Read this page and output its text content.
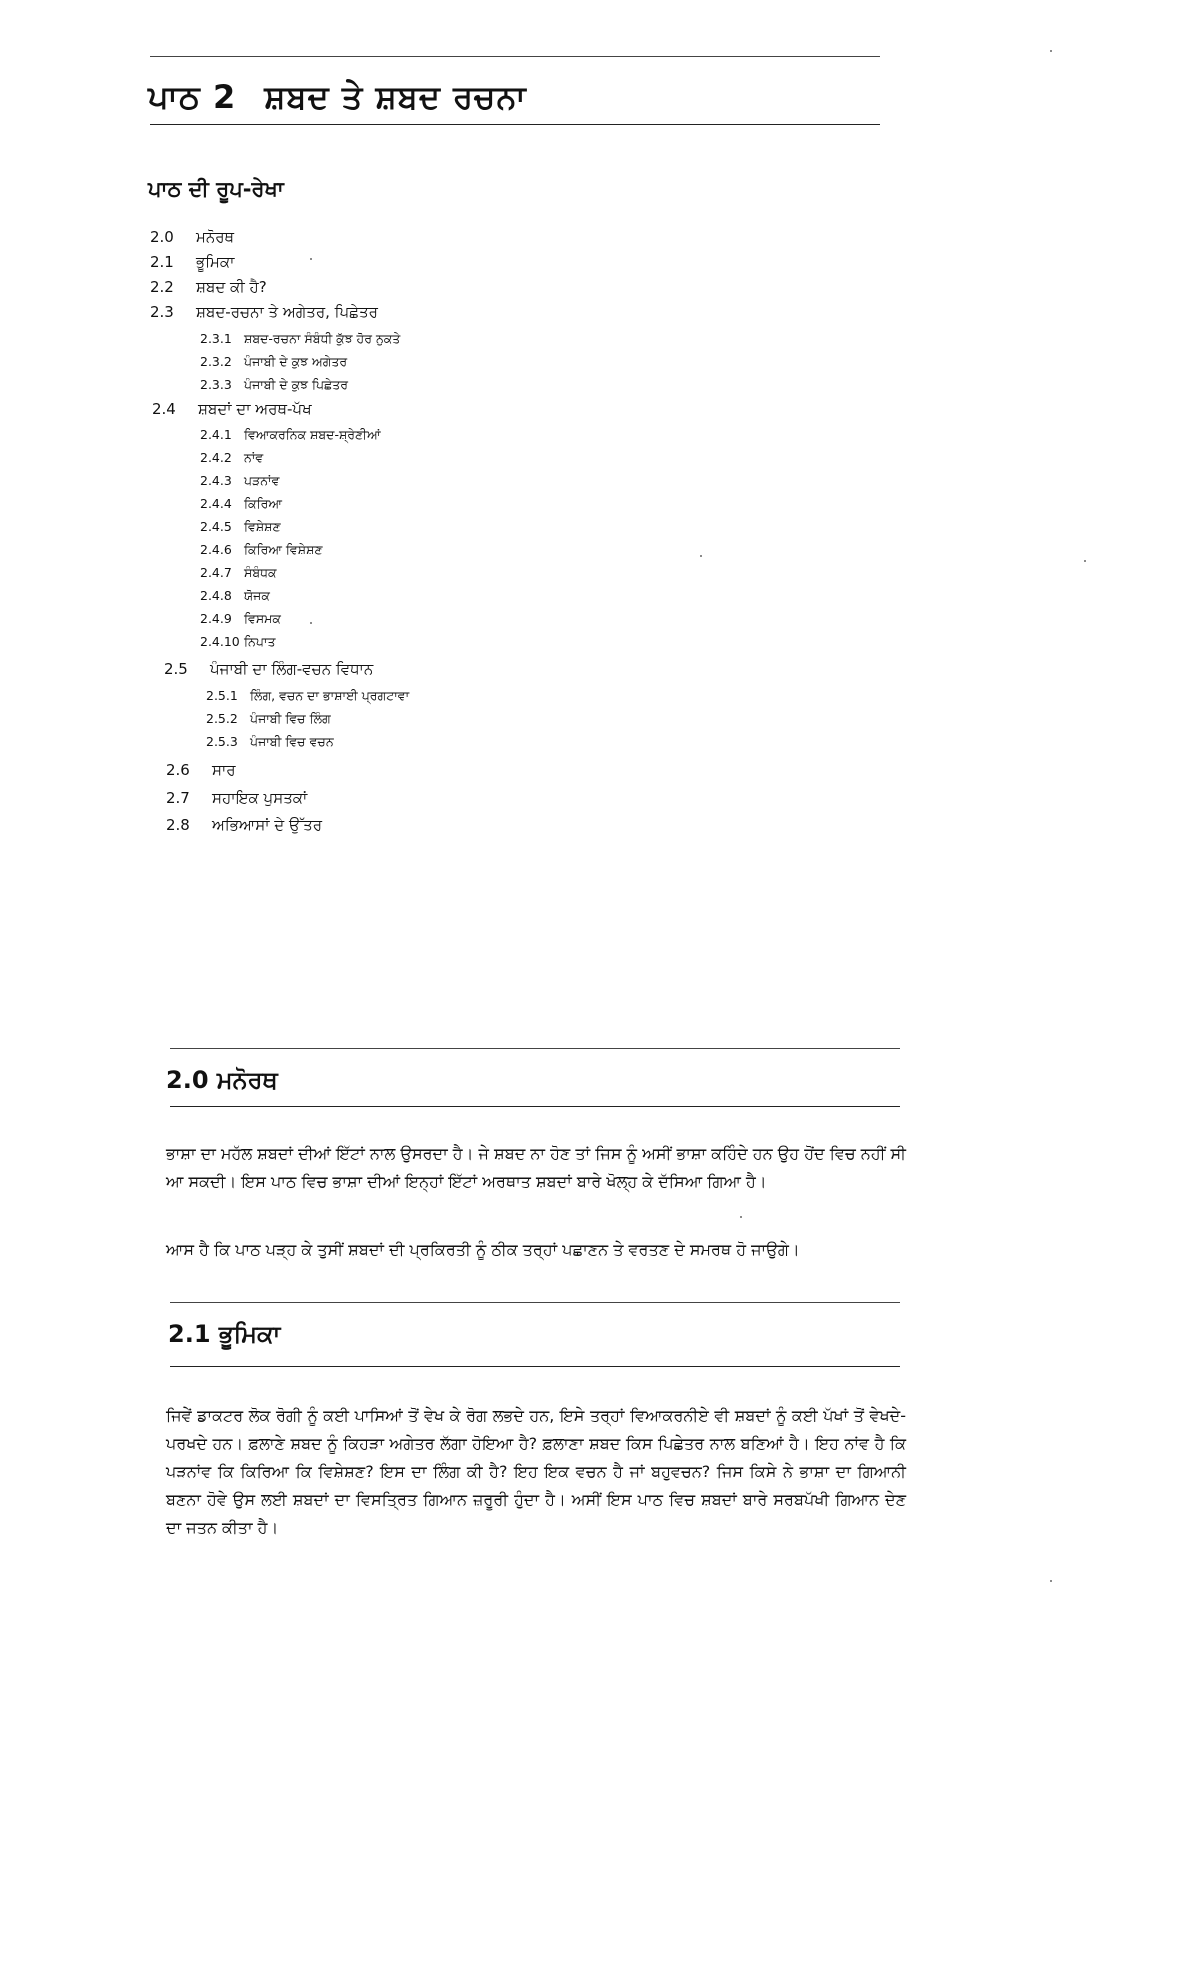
ਪਾਠ 2 ਸ਼ਬਦ ਤੇ ਸ਼ਬਦ ਰਚਨਾ
ਪਾਠ ਦੀ ਰੂਪ-ਰੇਖਾ
2.0 ਮਨੋਰਥ
2.1 ਭੂਮਿਕਾ
2.2 ਸ਼ਬਦ ਕੀ ਹੈ?
2.3 ਸ਼ਬਦ-ਰਚਨਾ ਤੇ ਅਗੇਤਰ, ਪਿਛੇਤਰ
2.3.1 ਸ਼ਬਦ-ਰਚਨਾ ਸੰਬੰਧੀ ਕੁੱਝ ਹੋਰ ਨੁਕਤੇ
2.3.2 ਪੰਜਾਬੀ ਦੇ ਕੁਝ ਅਗੇਤਰ
2.3.3 ਪੰਜਾਬੀ ਦੇ ਕੁਝ ਪਿਛੇਤਰ
2.4 ਸ਼ਬਦਾਂ ਦਾ ਅਰਥ-ਪੱਖ
2.4.1 ਵਿਆਕਰਨਿਕ ਸ਼ਬਦ-ਸ਼੍ਰੇਣੀਆਂ
2.4.2 ਨਾਂਵ
2.4.3 ਪੜਨਾਂਵ
2.4.4 ਕਿਰਿਆ
2.4.5 ਵਿਸ਼ੇਸ਼ਣ
2.4.6 ਕਿਰਿਆ ਵਿਸ਼ੇਸ਼ਣ
2.4.7 ਸੰਬੰਧਕ
2.4.8 ਯੋਜਕ
2.4.9 ਵਿਸਮਕ
2.4.10 ਨਿਪਾਤ
2.5 ਪੰਜਾਬੀ ਦਾ ਲਿੰਗ-ਵਚਨ ਵਿਧਾਨ
2.5.1 ਲਿੰਗ, ਵਚਨ ਦਾ ਭਾਸ਼ਾਈ ਪ੍ਰਗਟਾਵਾ
2.5.2 ਪੰਜਾਬੀ ਵਿਚ ਲਿੰਗ
2.5.3 ਪੰਜਾਬੀ ਵਿਚ ਵਚਨ
2.6 ਸਾਰ
2.7 ਸਹਾਇਕ ਪੁਸਤਕਾਂ
2.8 ਅਭਿਆਸਾਂ ਦੇ ਉੱਤਰ
2.0 ਮਨੋਰਥ
ਭਾਸ਼ਾ ਦਾ ਮਹੱਲ ਸ਼ਬਦਾਂ ਦੀਆਂ ਇੱਟਾਂ ਨਾਲ ਉਸਰਦਾ ਹੈ। ਜੇ ਸ਼ਬਦ ਨਾ ਹੋਣ ਤਾਂ ਜਿਸ ਨੂੰ ਅਸੀਂ ਭਾਸ਼ਾ ਕਹਿੰਦੇ ਹਨ ਉਹ ਹੋਂਦ ਵਿਚ ਨਹੀਂ ਸੀ ਆ ਸਕਦੀ। ਇਸ ਪਾਠ ਵਿਚ ਭਾਸ਼ਾ ਦੀਆਂ ਇਨ੍ਹਾਂ ਇੱਟਾਂ ਅਰਥਾਤ ਸ਼ਬਦਾਂ ਬਾਰੇ ਖੋਲ੍ਹ ਕੇ ਦੱਸਿਆ ਗਿਆ ਹੈ।
ਆਸ ਹੈ ਕਿ ਪਾਠ ਪੜ੍ਹ ਕੇ ਤੁਸੀਂ ਸ਼ਬਦਾਂ ਦੀ ਪ੍ਰਕਿਰਤੀ ਨੂੰ ਠੀਕ ਤਰ੍ਹਾਂ ਪਛਾਣਨ ਤੇ ਵਰਤਣ ਦੇ ਸਮਰਥ ਹੋ ਜਾਉਗੇ।
2.1 ਭੂਮਿਕਾ
ਜਿਵੇਂ ਡਾਕਟਰ ਲੋਕ ਰੋਗੀ ਨੂੰ ਕਈ ਪਾਸਿਆਂ ਤੋਂ ਵੇਖ ਕੇ ਰੋਗ ਲਭਦੇ ਹਨ, ਇਸੇ ਤਰ੍ਹਾਂ ਵਿਆਕਰਨੀਏ ਵੀ ਸ਼ਬਦਾਂ ਨੂੰ ਕਈ ਪੱਖਾਂ ਤੋਂ ਵੇਖਦੇ-ਪਰਖਦੇ ਹਨ। ਫ਼ਲਾਣੇ ਸ਼ਬਦ ਨੂੰ ਕਿਹੜਾ ਅਗੇਤਰ ਲੱਗਾ ਹੋਇਆ ਹੈ? ਫ਼ਲਾਣਾ ਸ਼ਬਦ ਕਿਸ ਪਿਛੇਤਰ ਨਾਲ ਬਣਿਆਂ ਹੈ। ਇਹ ਨਾਂਵ ਹੈ ਕਿ ਪੜਨਾਂਵ ਕਿ ਕਿਰਿਆ ਕਿ ਵਿਸ਼ੇਸ਼ਣ? ਇਸ ਦਾ ਲਿੰਗ ਕੀ ਹੈ? ਇਹ ਇਕ ਵਚਨ ਹੈ ਜਾਂ ਬਹੁਵਚਨ? ਜਿਸ ਕਿਸੇ ਨੇ ਭਾਸ਼ਾ ਦਾ ਗਿਆਨੀ ਬਣਨਾ ਹੋਵੇ ਉਸ ਲਈ ਸ਼ਬਦਾਂ ਦਾ ਵਿਸਤ੍ਰਿਤ ਗਿਆਨ ਜ਼ਰੂਰੀ ਹੁੰਦਾ ਹੈ। ਅਸੀਂ ਇਸ ਪਾਠ ਵਿਚ ਸ਼ਬਦਾਂ ਬਾਰੇ ਸਰਬਪੱਖੀ ਗਿਆਨ ਦੇਣ ਦਾ ਜਤਨ ਕੀਤਾ ਹੈ।
